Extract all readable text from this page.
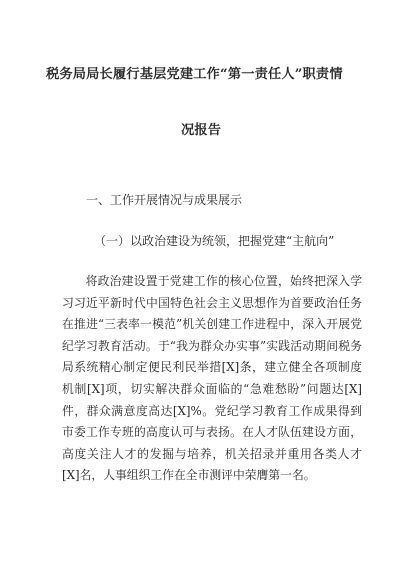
税务局局长履行基层党建工作“第一责任人”职责情
况报告
一、工作开展情况与成果展示
（一）以政治建设为统领，把握党建“主航向”
将政治建设置于党建工作的核心位置，始终把深入学习习近平新时代中国特色社会主义思想作为首要政治任务在推进“三表率一模范”机关创建工作进程中，深入开展党纪学习教育活动。于“我为群众办实事”实践活动期间税务局系统精心制定便民利民举措[X]条，建立健全各项制度机制[X]项，切实解决群众面临的“急难愁盼”问题达[X]件，群众满意度高达[X]%。党纪学习教育工作成果得到市委工作专班的高度认可与表扬。在人才队伍建设方面，高度关注人才的发掘与培养，机关招录并重用各类人才[X]名，人事组织工作在全市测评中荣膺第一名。
